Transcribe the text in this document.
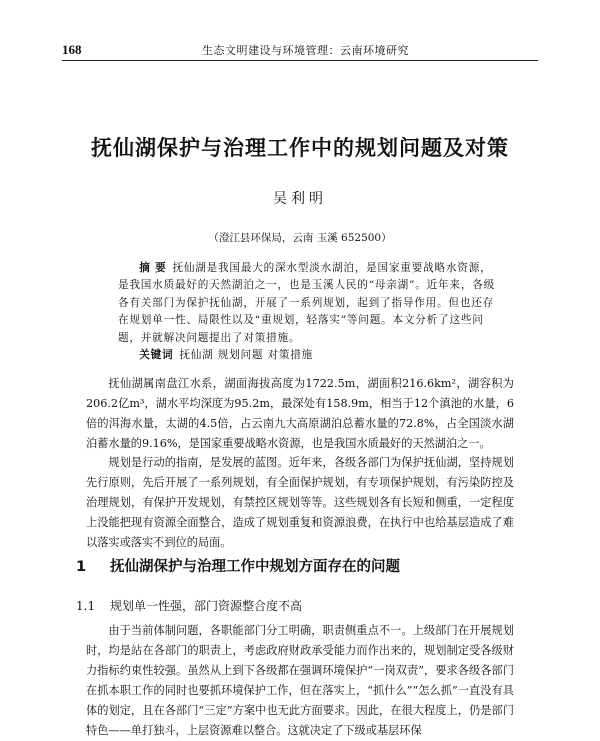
168	生态文明建设与环境管理：云南环境研究
抚仙湖保护与治理工作中的规划问题及对策
吴利明
（澄江县环保局，云南 玉溪 652500）
摘 要 抚仙湖是我国最大的深水型淡水湖泊，是国家重要战略水资源，是我国水质最好的天然湖泊之一，也是玉溪人民的“母亲湖”。近年来，各级各有关部门为保护抚仙湖，开展了一系列规划，起到了指导作用。但也还存在规划单一性、局限性以及“重规划，轻落实”等问题。本文分析了这些问题，并就解决问题提出了对策措施。
关键词 抚仙湖 规划问题 对策措施
抚仙湖属南盘江水系，湖面海拔高度为1722.5m，湖面积216.6km²，湖容积为206.2亿m³，湖水平均深度为95.2m，最深处有158.9m，相当于12个滇池的水量，6倍的洱海水量，太湖的4.5倍，占云南九大高原湖泊总蓄水量的72.8%，占全国淡水湖泊蓄水量的9.16%，是国家重要战略水资源，也是我国水质最好的天然湖泊之一。
规划是行动的指南，是发展的蓝图。近年来，各级各部门为保护抚仙湖，坚持规划先行原则，先后开展了一系列规划，有全面保护规划，有专项保护规划，有污染防控及治理规划，有保护开发规划，有禁控区规划等等。这些规划各有长短和侧重，一定程度上没能把现有资源全面整合，造成了规划重复和资源浪费，在执行中也给基层造成了难以落实或落实不到位的局面。
1 抚仙湖保护与治理工作中规划方面存在的问题
1.1 规划单一性强，部门资源整合度不高
由于当前体制问题，各职能部门分工明确，职责侧重点不一。上级部门在开展规划时，均是站在各部门的职责上，考虑政府财政承受能力而作出来的，规划制定受各级财力指标约束性较强。虽然从上到下各级都在强调环境保护“一岗双责”，要求各级各部门在抓本职工作的同时也要抓环境保护工作，但在落实上，“抓什么”“怎么抓”一直没有具体的划定，且在各部门“三定”方案中也无此方面要求。因此，在很大程度上，仍是部门特色——单打独斗，上层资源难以整合。这就决定了下级或基层环保
